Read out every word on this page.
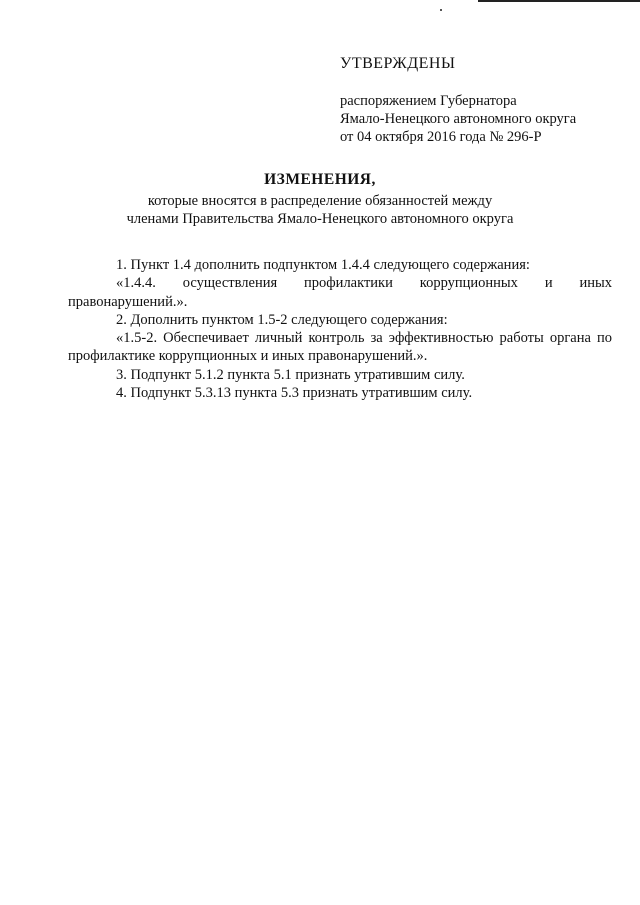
УТВЕРЖДЕНЫ

распоряжением Губернатора

Ямало-Ненецкого автономного округа

от 04 октября 2016 года № 296-Р

ИЗМЕНЕНИЯ,

которые вносятся в распределение обязанностей между

членами Правительства Ямало-Ненецкого автономного округа

1. Пункт 1.4 дополнить подпунктом 1.4.4 следующего содержания:

«1.4.4. осуществления профилактики коррупционных и иных правонарушений.».

2. Дополнить пунктом 1.5-2 следующего содержания:

«1.5-2. Обеспечивает личный контроль за эффективностью работы органа по профилактике коррупционных и иных правонарушений.».

3. Подпункт 5.1.2 пункта 5.1 признать утратившим силу.

4. Подпункт 5.3.13 пункта 5.3 признать утратившим силу.
